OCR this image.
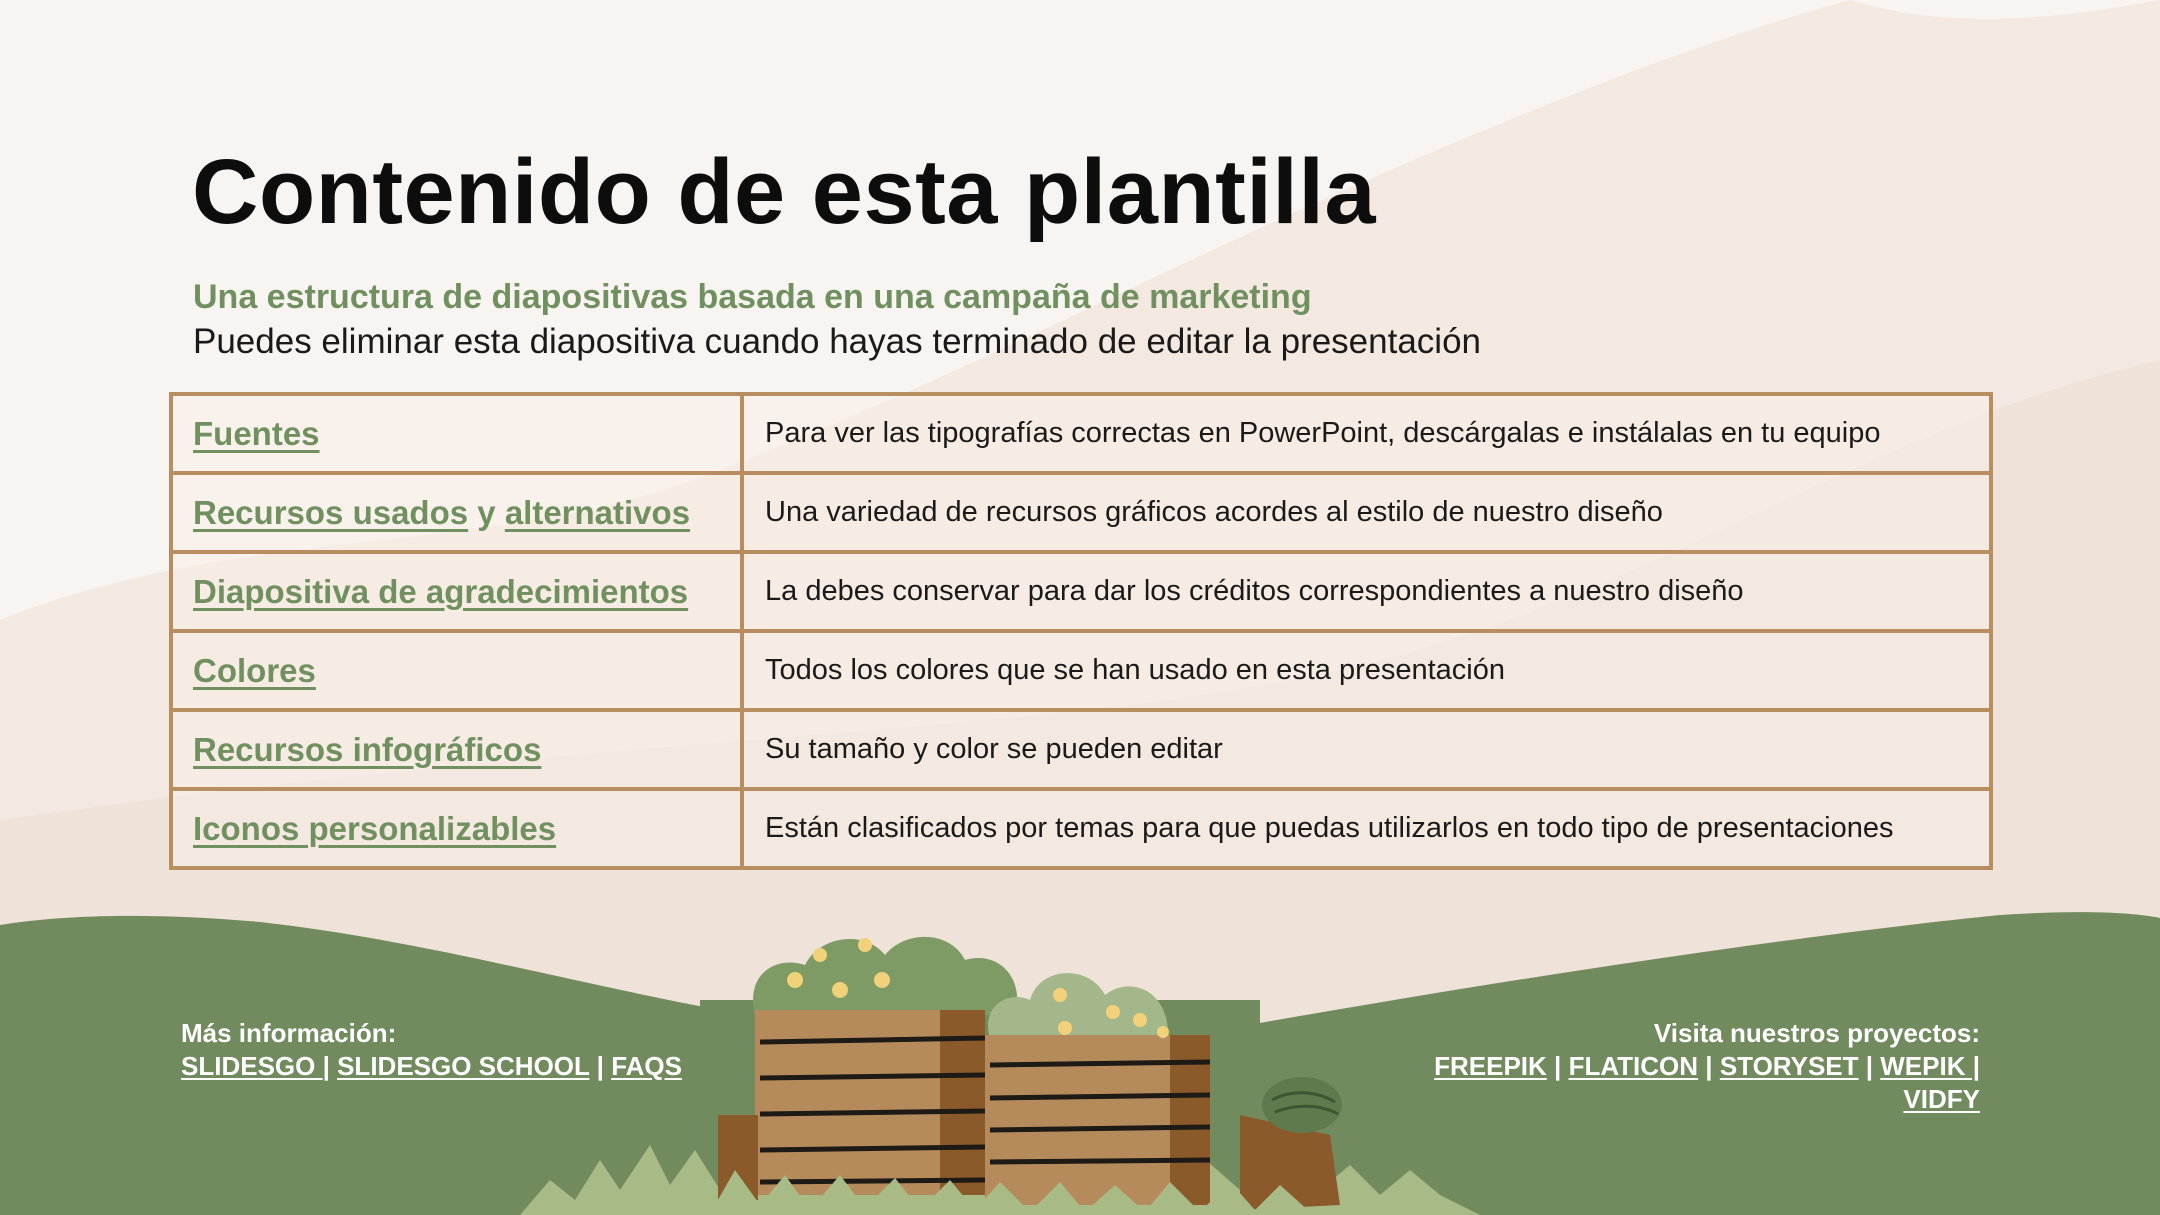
Contenido de esta plantilla
Una estructura de diapositivas basada en una campaña de marketing
Puedes eliminar esta diapositiva cuando hayas terminado de editar la presentación
Fuentes	Para ver las tipografías correctas en PowerPoint, descárgalas e instálalas en tu equipo
Recursos usados y alternativos	Una variedad de recursos gráficos acordes al estilo de nuestro diseño
Diapositiva de agradecimientos	La debes conservar para dar los créditos correspondientes a nuestro diseño
Colores	Todos los colores que se han usado en esta presentación
Recursos infográficos	Su tamaño y color se pueden editar
Iconos personalizables	Están clasificados por temas para que puedas utilizarlos en todo tipo de presentaciones
Más información:
SLIDESGO | SLIDESGO SCHOOL | FAQS
Visita nuestros proyectos:
FREEPIK | FLATICON | STORYSET | WEPIK |
VIDFY
